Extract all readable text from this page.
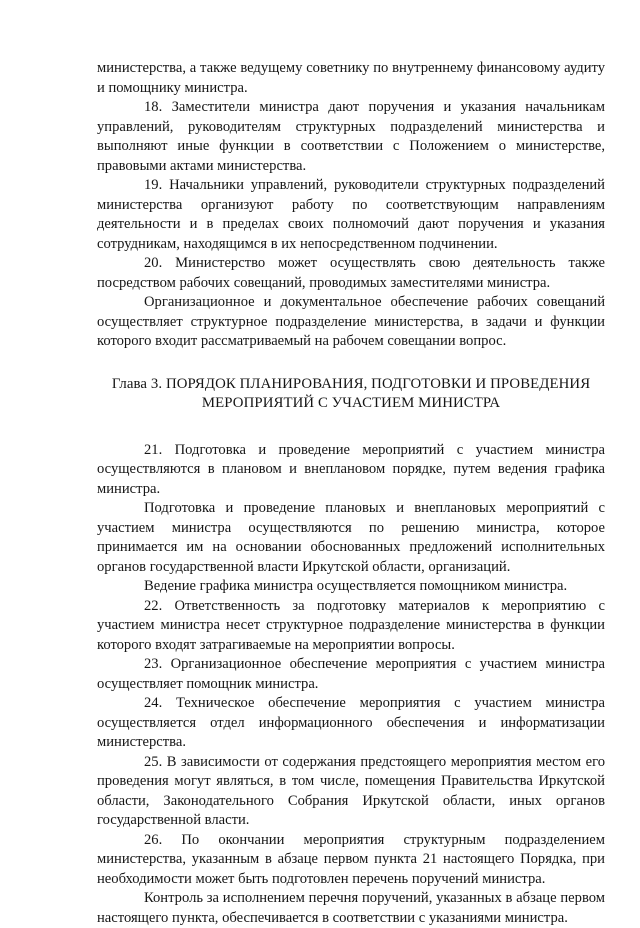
министерства, а также ведущему советнику по внутреннему финансовому аудиту и помощнику министра.

18. Заместители министра дают поручения и указания начальникам управлений, руководителям структурных подразделений министерства и выполняют иные функции в соответствии с Положением о министерстве, правовыми актами министерства.

19. Начальники управлений, руководители структурных подразделений министерства организуют работу по соответствующим направлениям деятельности и в пределах своих полномочий дают поручения и указания сотрудникам, находящимся в их непосредственном подчинении.

20. Министерство может осуществлять свою деятельность также посредством рабочих совещаний, проводимых заместителями министра.

Организационное и документальное обеспечение рабочих совещаний осуществляет структурное подразделение министерства, в задачи и функции которого входит рассматриваемый на рабочем совещании вопрос.

Глава 3. ПОРЯДОК ПЛАНИРОВАНИЯ, ПОДГОТОВКИ И ПРОВЕДЕНИЯ
МЕРОПРИЯТИЙ С УЧАСТИЕМ МИНИСТРА

21. Подготовка и проведение мероприятий с участием министра осуществляются в плановом и внеплановом порядке, путем ведения графика министра.

Подготовка и проведение плановых и внеплановых мероприятий с участием министра осуществляются по решению министра, которое принимается им на основании обоснованных предложений исполнительных органов государственной власти Иркутской области, организаций.

Ведение графика министра осуществляется помощником министра.

22. Ответственность за подготовку материалов к мероприятию с участием министра несет структурное подразделение министерства в функции которого входят затрагиваемые на мероприятии вопросы.

23. Организационное обеспечение мероприятия с участием министра осуществляет помощник министра.

24. Техническое обеспечение мероприятия с участием министра осуществляется отдел информационного обеспечения и информатизации министерства.

25. В зависимости от содержания предстоящего мероприятия местом его проведения могут являться, в том числе, помещения Правительства Иркутской области, Законодательного Собрания Иркутской области, иных органов государственной власти.

26. По окончании мероприятия структурным подразделением министерства, указанным в абзаце первом пункта 21 настоящего Порядка, при необходимости может быть подготовлен перечень поручений министра.

Контроль за исполнением перечня поручений, указанных в абзаце первом настоящего пункта, обеспечивается в соответствии с указаниями министра.
